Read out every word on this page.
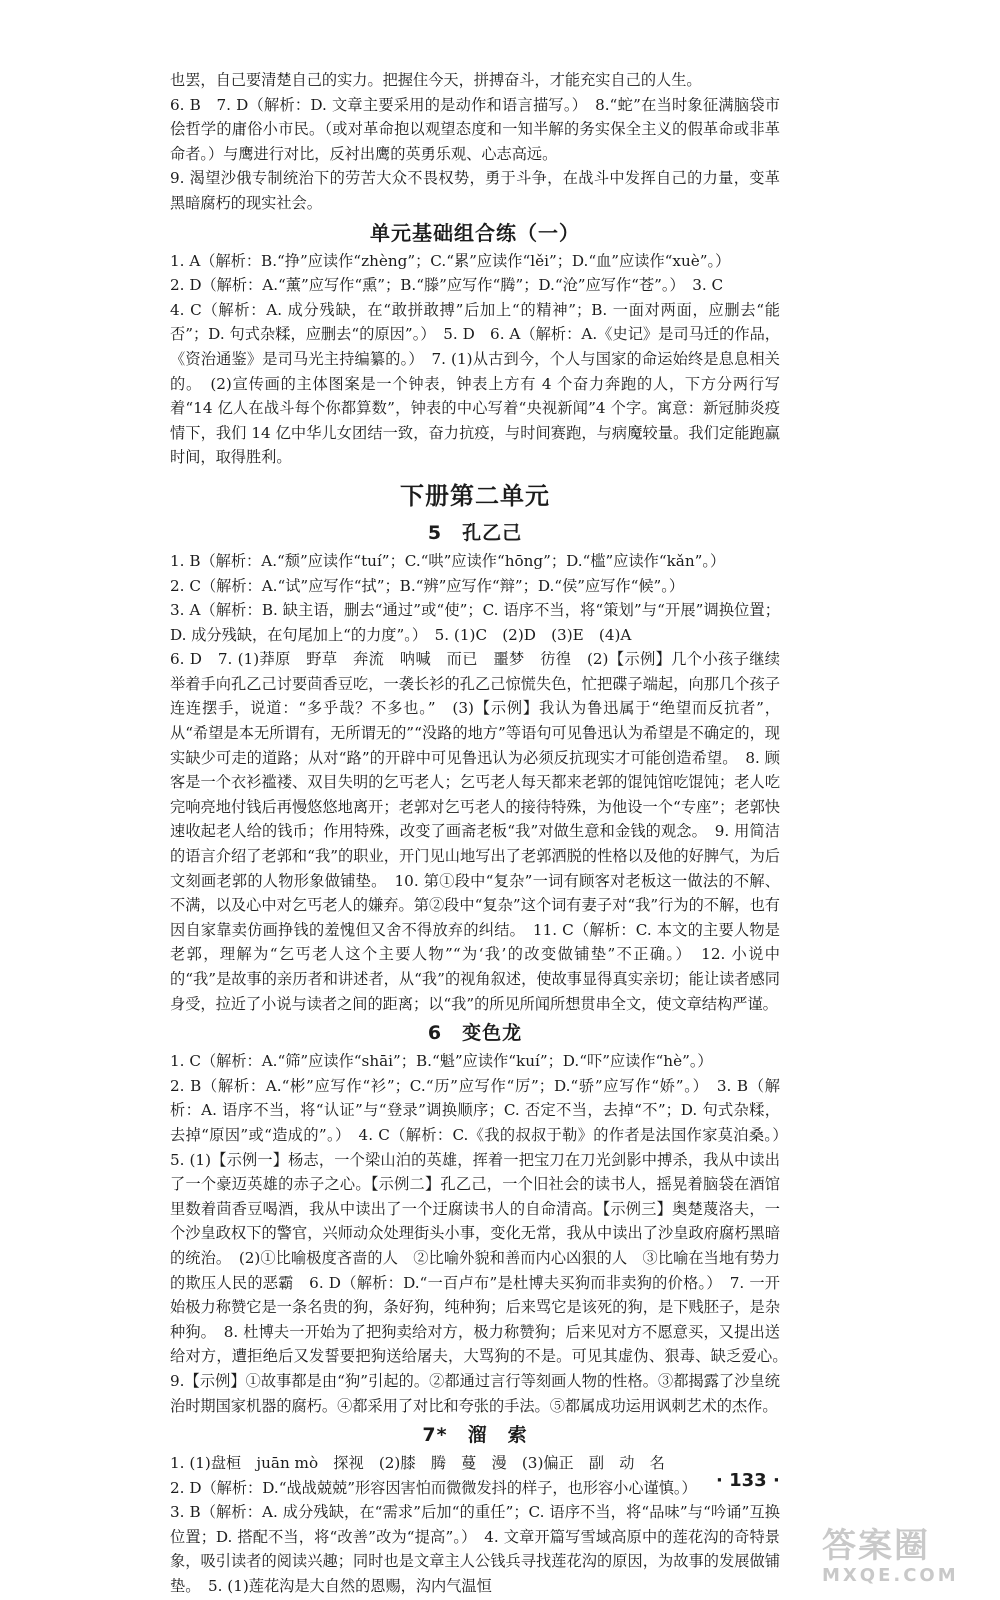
也罢，自己要清楚自己的实力。把握住今天，拼搏奋斗，才能充实自己的人生。

6. B　7. D（解析：D. 文章主要采用的是动作和语言描写。）　8.“蛇”在当时象征满脑袋市侩哲学的庸俗小市民。（或对革命抱以观望态度和一知半解的务实保全主义的假革命或非革命者。）与鹰进行对比，反衬出鹰的英勇乐观、心志高远。

9. 渴望沙俄专制统治下的劳苦大众不畏权势，勇于斗争，在战斗中发挥自己的力量，变革黑暗腐朽的现实社会。

单元基础组合练（一）

1. A（解析：B.“挣”应读作“zhèng”；C.“累”应读作“lěi”；D.“血”应读作“xuè”。）

2. D（解析：A.“薰”应写作“熏”；B.“滕”应写作“腾”；D.“沧”应写作“苍”。）　3. C

4. C（解析：A. 成分残缺，在“敢拼敢搏”后加上“的精神”；B. 一面对两面，应删去“能否”；D. 句式杂糅，应删去“的原因”。）　5. D　6. A（解析：A.《史记》是司马迁的作品，《资治通鉴》是司马光主持编纂的。）　7. (1)从古到今，个人与国家的命运始终是息息相关的。　(2)宣传画的主体图案是一个钟表，钟表上方有 4 个奋力奔跑的人，下方分两行写着“14 亿人在战斗每个你都算数”，钟表的中心写着“央视新闻”4 个字。寓意：新冠肺炎疫情下，我们 14 亿中华儿女团结一致，奋力抗疫，与时间赛跑，与病魔较量。我们定能跑赢时间，取得胜利。

下册第二单元
5　孔乙己

1. B（解析：A.“颓”应读作“tuí”；C.“哄”应读作“hōng”；D.“槛”应读作“kǎn”。）

2. C（解析：A.“试”应写作“拭”；B.“辨”应写作“辩”；D.“侯”应写作“候”。）

3. A（解析：B. 缺主语，删去“通过”或“使”；C. 语序不当，将“策划”与“开展”调换位置；D. 成分残缺，在句尾加上“的力度”。）　5. (1)C　(2)D　(3)E　(4)A

6. D　7. (1)莽原　野草　奔流　呐喊　而已　噩梦　彷徨　(2)【示例】几个小孩子继续举着手向孔乙己讨要茴香豆吃，一袭长衫的孔乙己惊慌失色，忙把碟子端起，向那几个孩子连连摆手，说道：“多乎哉？不多也。”　(3)【示例】我认为鲁迅属于“绝望而反抗者”，从“希望是本无所谓有，无所谓无的”“没路的地方”等语句可见鲁迅认为希望是不确定的，现实缺少可走的道路；从对“路”的开辟中可见鲁迅认为必须反抗现实才可能创造希望。　8. 顾客是一个衣衫褴褛、双目失明的乞丐老人；乞丐老人每天都来老郭的馄饨馆吃馄饨；老人吃完响亮地付钱后再慢悠悠地离开；老郭对乞丐老人的接待特殊，为他设一个“专座”；老郭快速收起老人给的钱币；作用特殊，改变了画斋老板“我”对做生意和金钱的观念。　9. 用简洁的语言介绍了老郭和“我”的职业，开门见山地写出了老郭洒脱的性格以及他的好脾气，为后文刻画老郭的人物形象做铺垫。　10. 第①段中“复杂”一词有顾客对老板这一做法的不解、不满，以及心中对乞丐老人的嫌弃。第②段中“复杂”这个词有妻子对“我”行为的不解，也有因自家靠卖仿画挣钱的羞愧但又舍不得放弃的纠结。　11. C（解析：C. 本文的主要人物是老郭，理解为“乞丐老人这个主要人物”“为‘我’的改变做铺垫”不正确。）　12. 小说中的“我”是故事的亲历者和讲述者，从“我”的视角叙述，使故事显得真实亲切；能让读者感同身受，拉近了小说与读者之间的距离；以“我”的所见所闻所想贯串全文，使文章结构严谨。

6　变色龙

1. C（解析：A.“筛”应读作“shāi”；B.“魁”应读作“kuí”；D.“吓”应读作“hè”。）

2. B（解析：A.“彬”应写作“衫”；C.“历”应写作“厉”；D.“骄”应写作“娇”。）　3. B（解析：A. 语序不当，将“认证”与“登录”调换顺序；C. 否定不当，去掉“不”；D. 句式杂糅，去掉“原因”或“造成的”。）　4. C（解析：C.《我的叔叔于勒》的作者是法国作家莫泊桑。）　5. (1)【示例一】杨志，一个梁山泊的英雄，挥着一把宝刀在刀光剑影中搏杀，我从中读出了一个豪迈英雄的赤子之心。【示例二】孔乙己，一个旧社会的读书人，摇晃着脑袋在酒馆里数着茴香豆喝酒，我从中读出了一个迂腐读书人的自命清高。【示例三】奥楚蔑洛夫，一个沙皇政权下的警官，兴师动众处理街头小事，变化无常，我从中读出了沙皇政府腐朽黑暗的统治。　(2)①比喻极度吝啬的人　②比喻外貌和善而内心凶狠的人　③比喻在当地有势力的欺压人民的恶霸　6. D（解析：D.“一百卢布”是杜博夫买狗而非卖狗的价格。）　7. 一开始极力称赞它是一条名贵的狗，条好狗，纯种狗；后来骂它是该死的狗，是下贱胚子，是杂种狗。　8. 杜博夫一开始为了把狗卖给对方，极力称赞狗；后来见对方不愿意买，又提出送给对方，遭拒绝后又发誓要把狗送给屠夫，大骂狗的不是。可见其虚伪、狠毒、缺乏爱心。　9.【示例】①故事都是由“狗”引起的。②都通过言行等刻画人物的性格。③都揭露了沙皇统治时期国家机器的腐朽。④都采用了对比和夸张的手法。⑤都属成功运用讽刺艺术的杰作。

7*　溜　索

1. (1)盘桓　juān mò　探视　(2)膝　腾　蔓　漫　(3)偏正　副　动　名

2. D（解析：D.“战战兢兢”形容因害怕而微微发抖的样子，也形容小心谨慎。）

3. B（解析：A. 成分残缺，在“需求”后加“的重任”；C. 语序不当，将“品味”与“吟诵”互换位置；D. 搭配不当，将“改善”改为“提高”。）　4. 文章开篇写雪域高原中的莲花沟的奇特景象，吸引读者的阅读兴趣；同时也是文章主人公钱兵寻找莲花沟的原因，为故事的发展做铺垫。　5. (1)莲花沟是大自然的恩赐，沟内气温恒

· 133 ·
答案圈
MXQE.COM
